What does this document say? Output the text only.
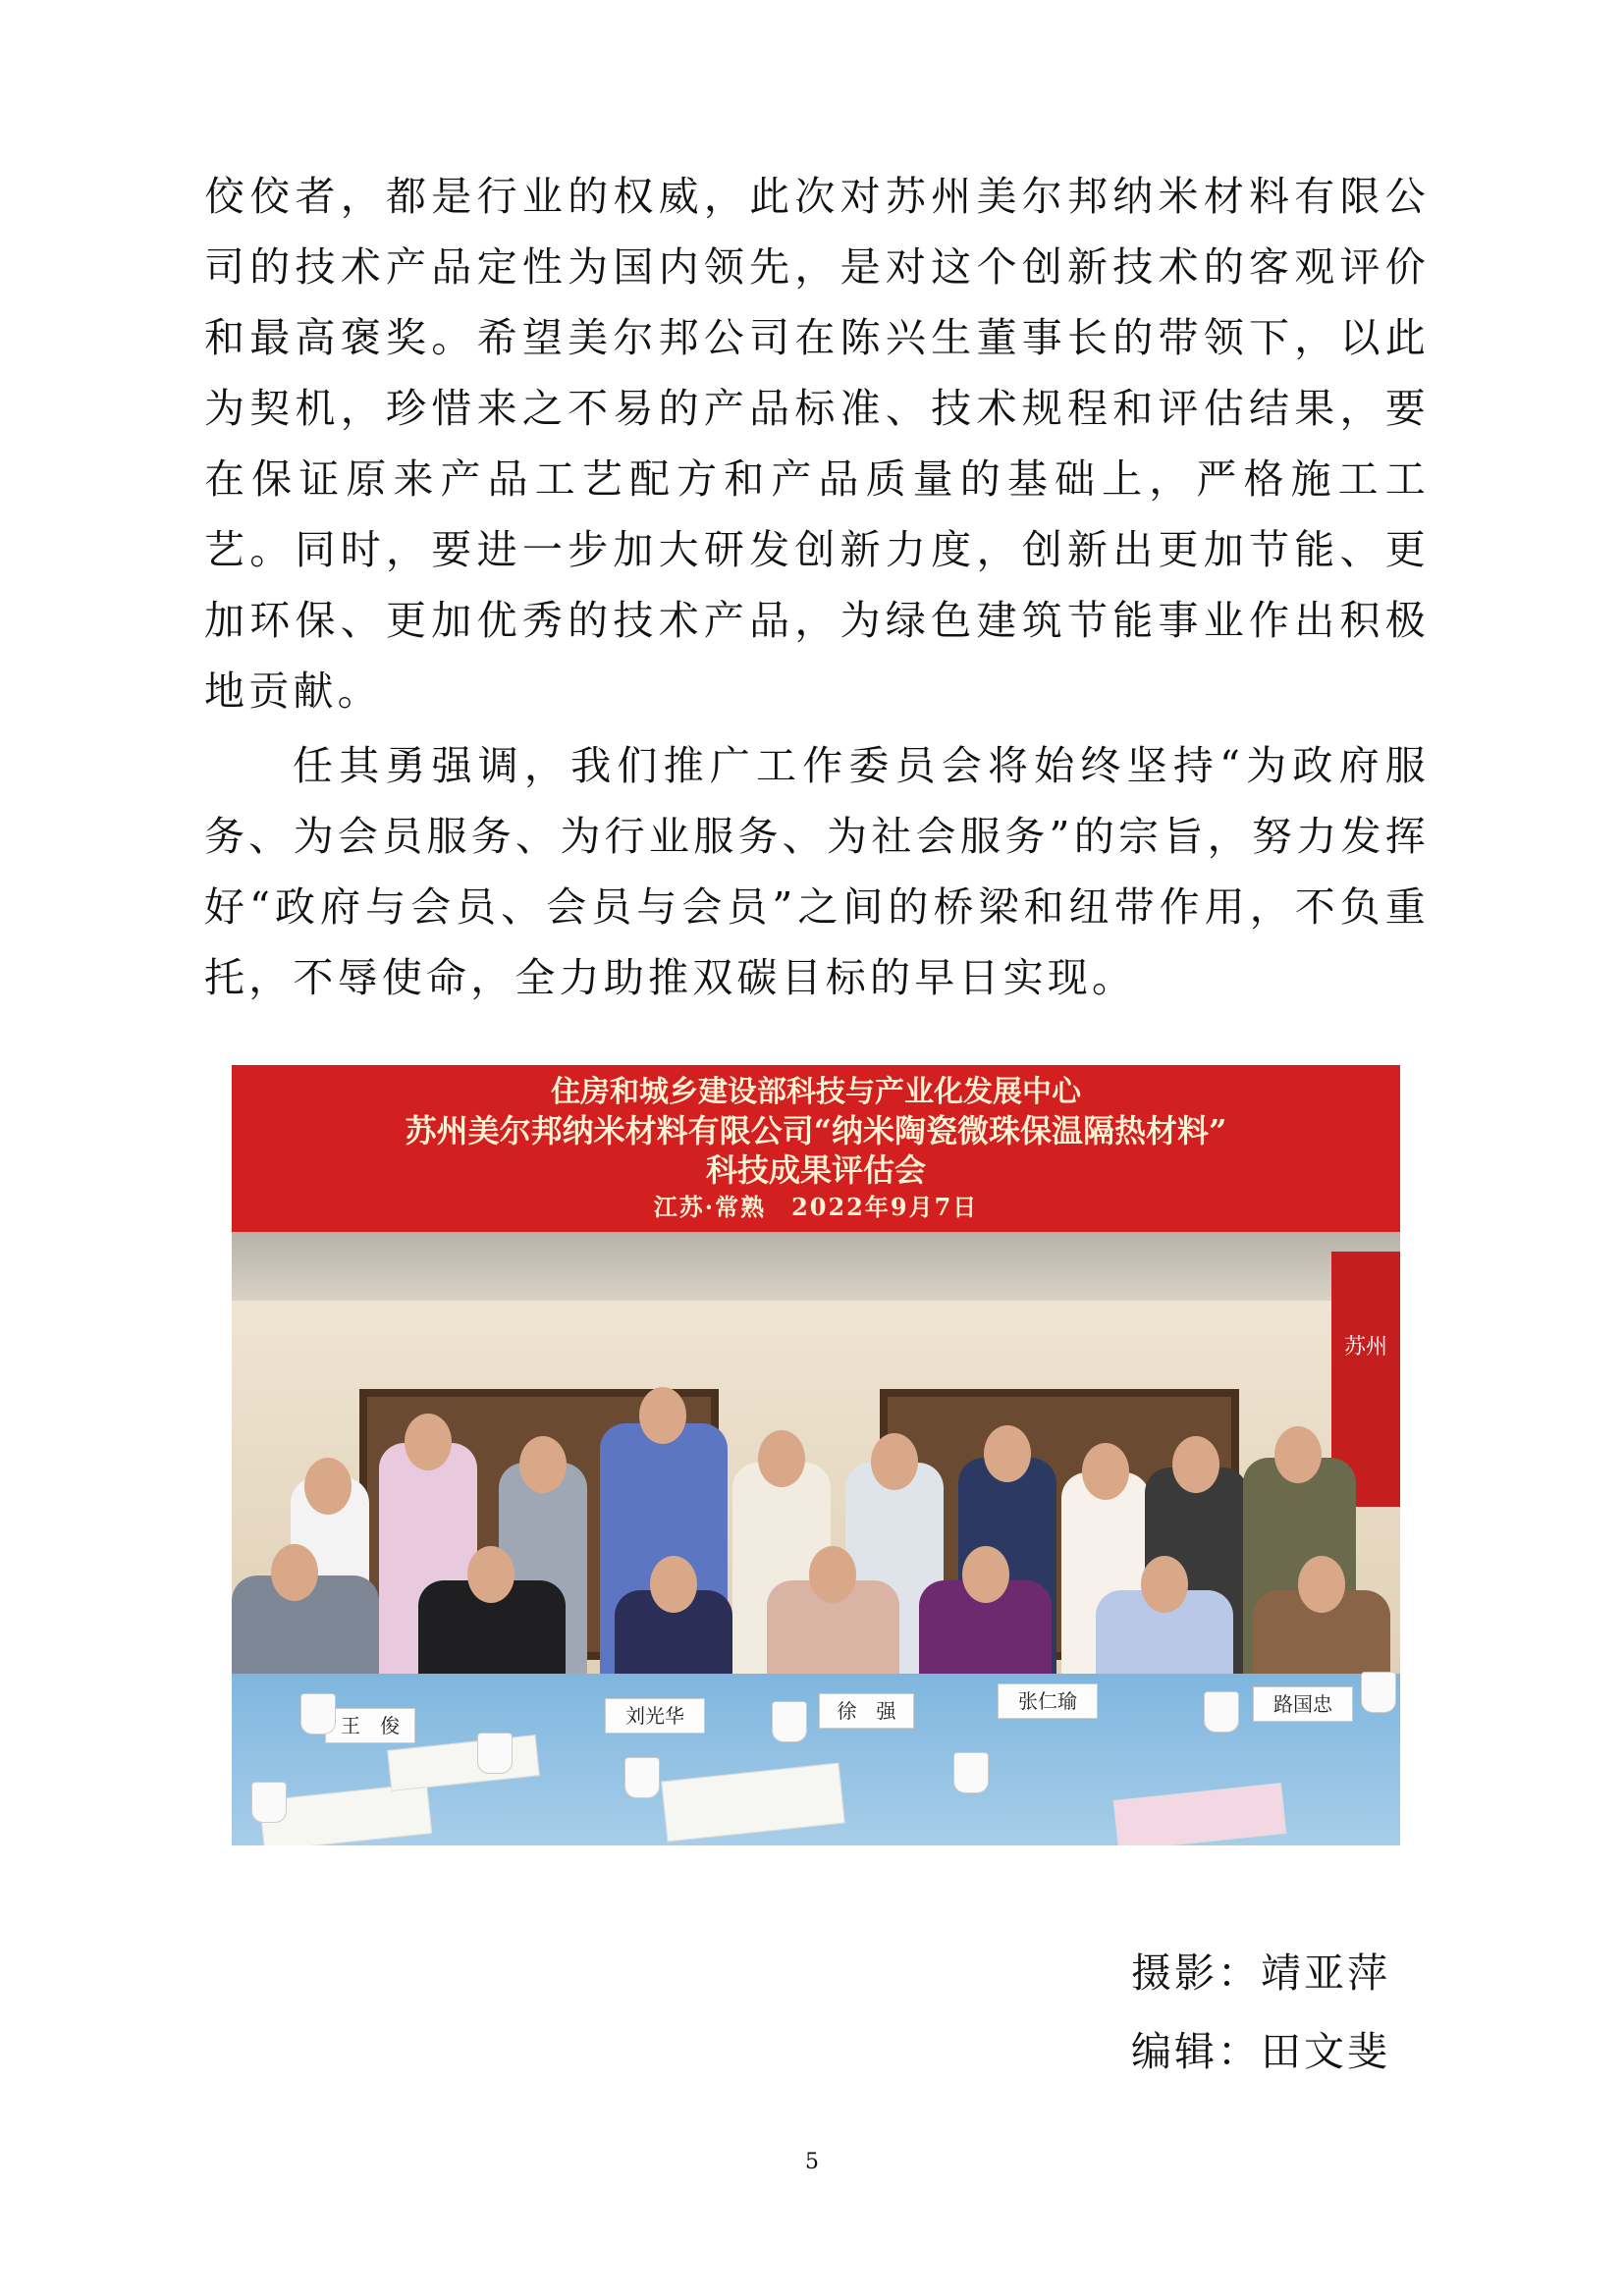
佼佼者，都是行业的权威，此次对苏州美尔邦纳米材料有限公司的技术产品定性为国内领先，是对这个创新技术的客观评价和最高褒奖。希望美尔邦公司在陈兴生董事长的带领下，以此为契机，珍惜来之不易的产品标准、技术规程和评估结果，要在保证原来产品工艺配方和产品质量的基础上，严格施工工艺。同时，要进一步加大研发创新力度，创新出更加节能、更加环保、更加优秀的技术产品，为绿色建筑节能事业作出积极地贡献。

任其勇强调，我们推广工作委员会将始终坚持“为政府服务、为会员服务、为行业服务、为社会服务”的宗旨，努力发挥好“政府与会员、会员与会员”之间的桥梁和纽带作用，不负重托，不辱使命，全力助推双碳目标的早日实现。

苏州
王　俊	刘光华	徐　强	张仁瑜	路国忠
住房和城乡建设部科技与产业化发展中心
苏州美尔邦纳米材料有限公司“纳米陶瓷微珠保温隔热材料”
科技成果评估会
江苏·常熟　2022年9月7日

摄影：靖亚萍

编辑：田文斐

5
